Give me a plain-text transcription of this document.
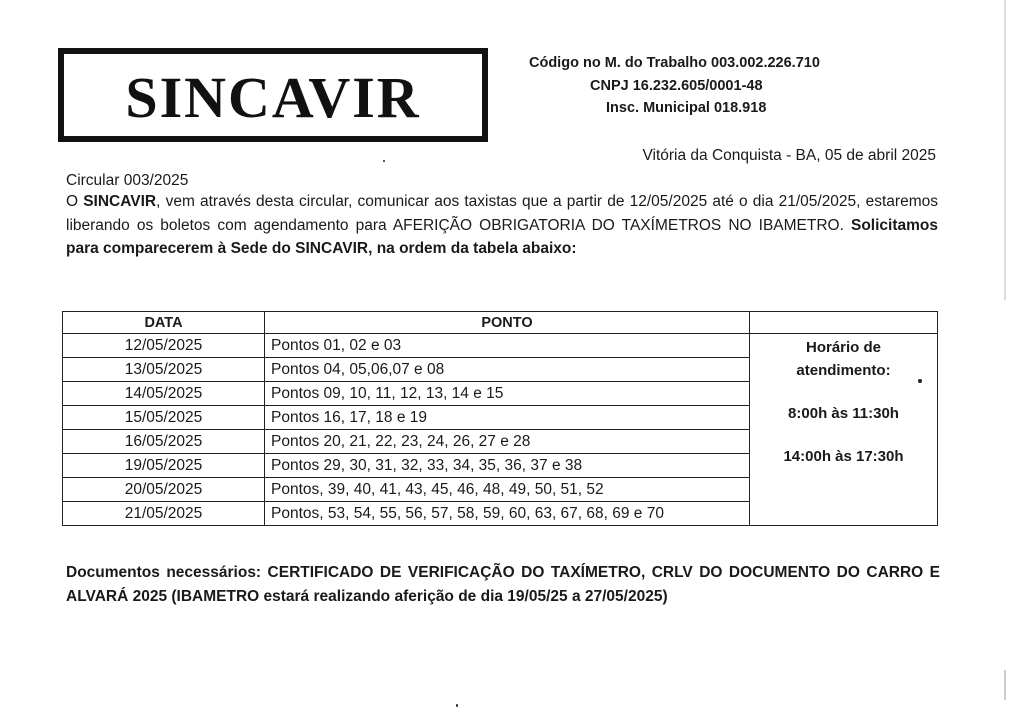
SINCAVIR
Código no M. do Trabalho 003.002.226.710
CNPJ 16.232.605/0001-48
Insc. Municipal 018.918
Vitória da Conquista - BA, 05 de abril 2025
Circular 003/2025

O SINCAVIR, vem através desta circular, comunicar aos taxistas que a partir de 12/05/2025 até o dia 21/05/2025, estaremos liberando os boletos com agendamento para AFERIÇÃO OBRIGATORIA DO TAXÍMETROS NO IBAMETRO. Solicitamos para comparecerem à Sede do SINCAVIR, na ordem da tabela abaixo:

DATA	PONTO	
12/05/2025	Pontos 01, 02 e 03	Horário de
atendimento:
8:00h às 11:30h
14:00h às 17:30h

13/05/2025	Pontos 04, 05,06,07 e 08	
14/05/2025	Pontos 09, 10, 11, 12, 13, 14 e 15	
15/05/2025	Pontos 16, 17, 18 e 19	
16/05/2025	Pontos 20, 21, 22, 23, 24, 26, 27 e 28	
19/05/2025	Pontos 29, 30, 31, 32, 33, 34, 35, 36, 37 e 38	
20/05/2025	Pontos, 39, 40, 41, 43, 45, 46, 48, 49, 50, 51, 52	
21/05/2025	Pontos, 53, 54, 55, 56, 57, 58, 59, 60, 63, 67, 68, 69 e 70	

Documentos necessários: CERTIFICADO DE VERIFICAÇÃO DO TAXÍMETRO, CRLV DO DOCUMENTO DO CARRO E ALVARÁ 2025 (IBAMETRO estará realizando aferição de dia 19/05/25 a 27/05/2025)
